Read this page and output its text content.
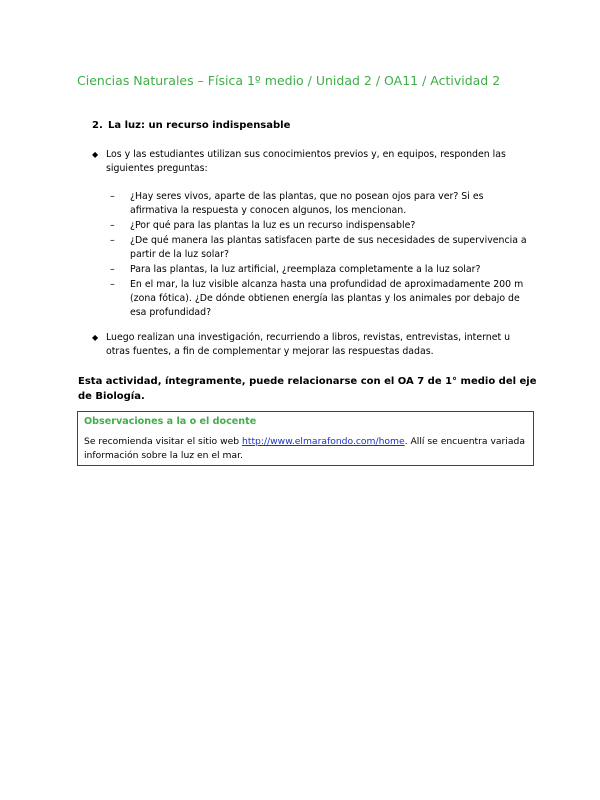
Ciencias Naturales – Física 1º medio / Unidad 2 / OA11 / Actividad 2
2. La luz: un recurso indispensable
◆ Los y las estudiantes utilizan sus conocimientos previos y, en equipos, responden las siguientes preguntas:
–	¿Hay seres vivos, aparte de las plantas, que no posean ojos para ver? Si es afirmativa la respuesta y conocen algunos, los mencionan.
–	¿Por qué para las plantas la luz es un recurso indispensable?
–	¿De qué manera las plantas satisfacen parte de sus necesidades de supervivencia a partir de la luz solar?
–	Para las plantas, la luz artificial, ¿reemplaza completamente a la luz solar?
–	En el mar, la luz visible alcanza hasta una profundidad de aproximadamente 200 m (zona fótica). ¿De dónde obtienen energía las plantas y los animales por debajo de esa profundidad?
◆ Luego realizan una investigación, recurriendo a libros, revistas, entrevistas, internet u otras fuentes, a fin de complementar y mejorar las respuestas dadas.
Esta actividad, íntegramente, puede relacionarse con el OA 7 de 1° medio del eje de Biología.
Observaciones a la o el docente
Se recomienda visitar el sitio web http://www.elmarafondo.com/home. Allí se encuentra variada información sobre la luz en el mar.
